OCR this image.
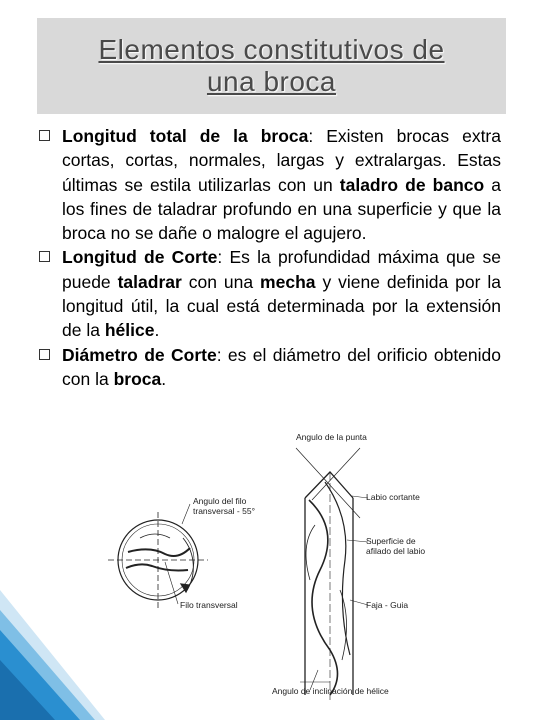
Elementos constitutivos de
una broca
Longitud total de la broca: Existen brocas extra cortas, cortas, normales, largas y extralargas. Estas últimas se estila utilizarlas con un taladro de banco a los fines de taladrar profundo en una superficie y que la broca no se dañe o malogre el agujero.
Longitud de Corte: Es la profundidad máxima que se puede taladrar con una mecha y viene definida por la longitud útil, la cual está determinada por la extensión de la hélice.
Diámetro de Corte: es el diámetro del orificio obtenido con la broca.
Angulo del filo
transversal - 55°
Filo transversal
Angulo de la punta
Labio cortante
Superficie de
afilado del labio
Faja - Guia
Angulo de inclinación de hélice
